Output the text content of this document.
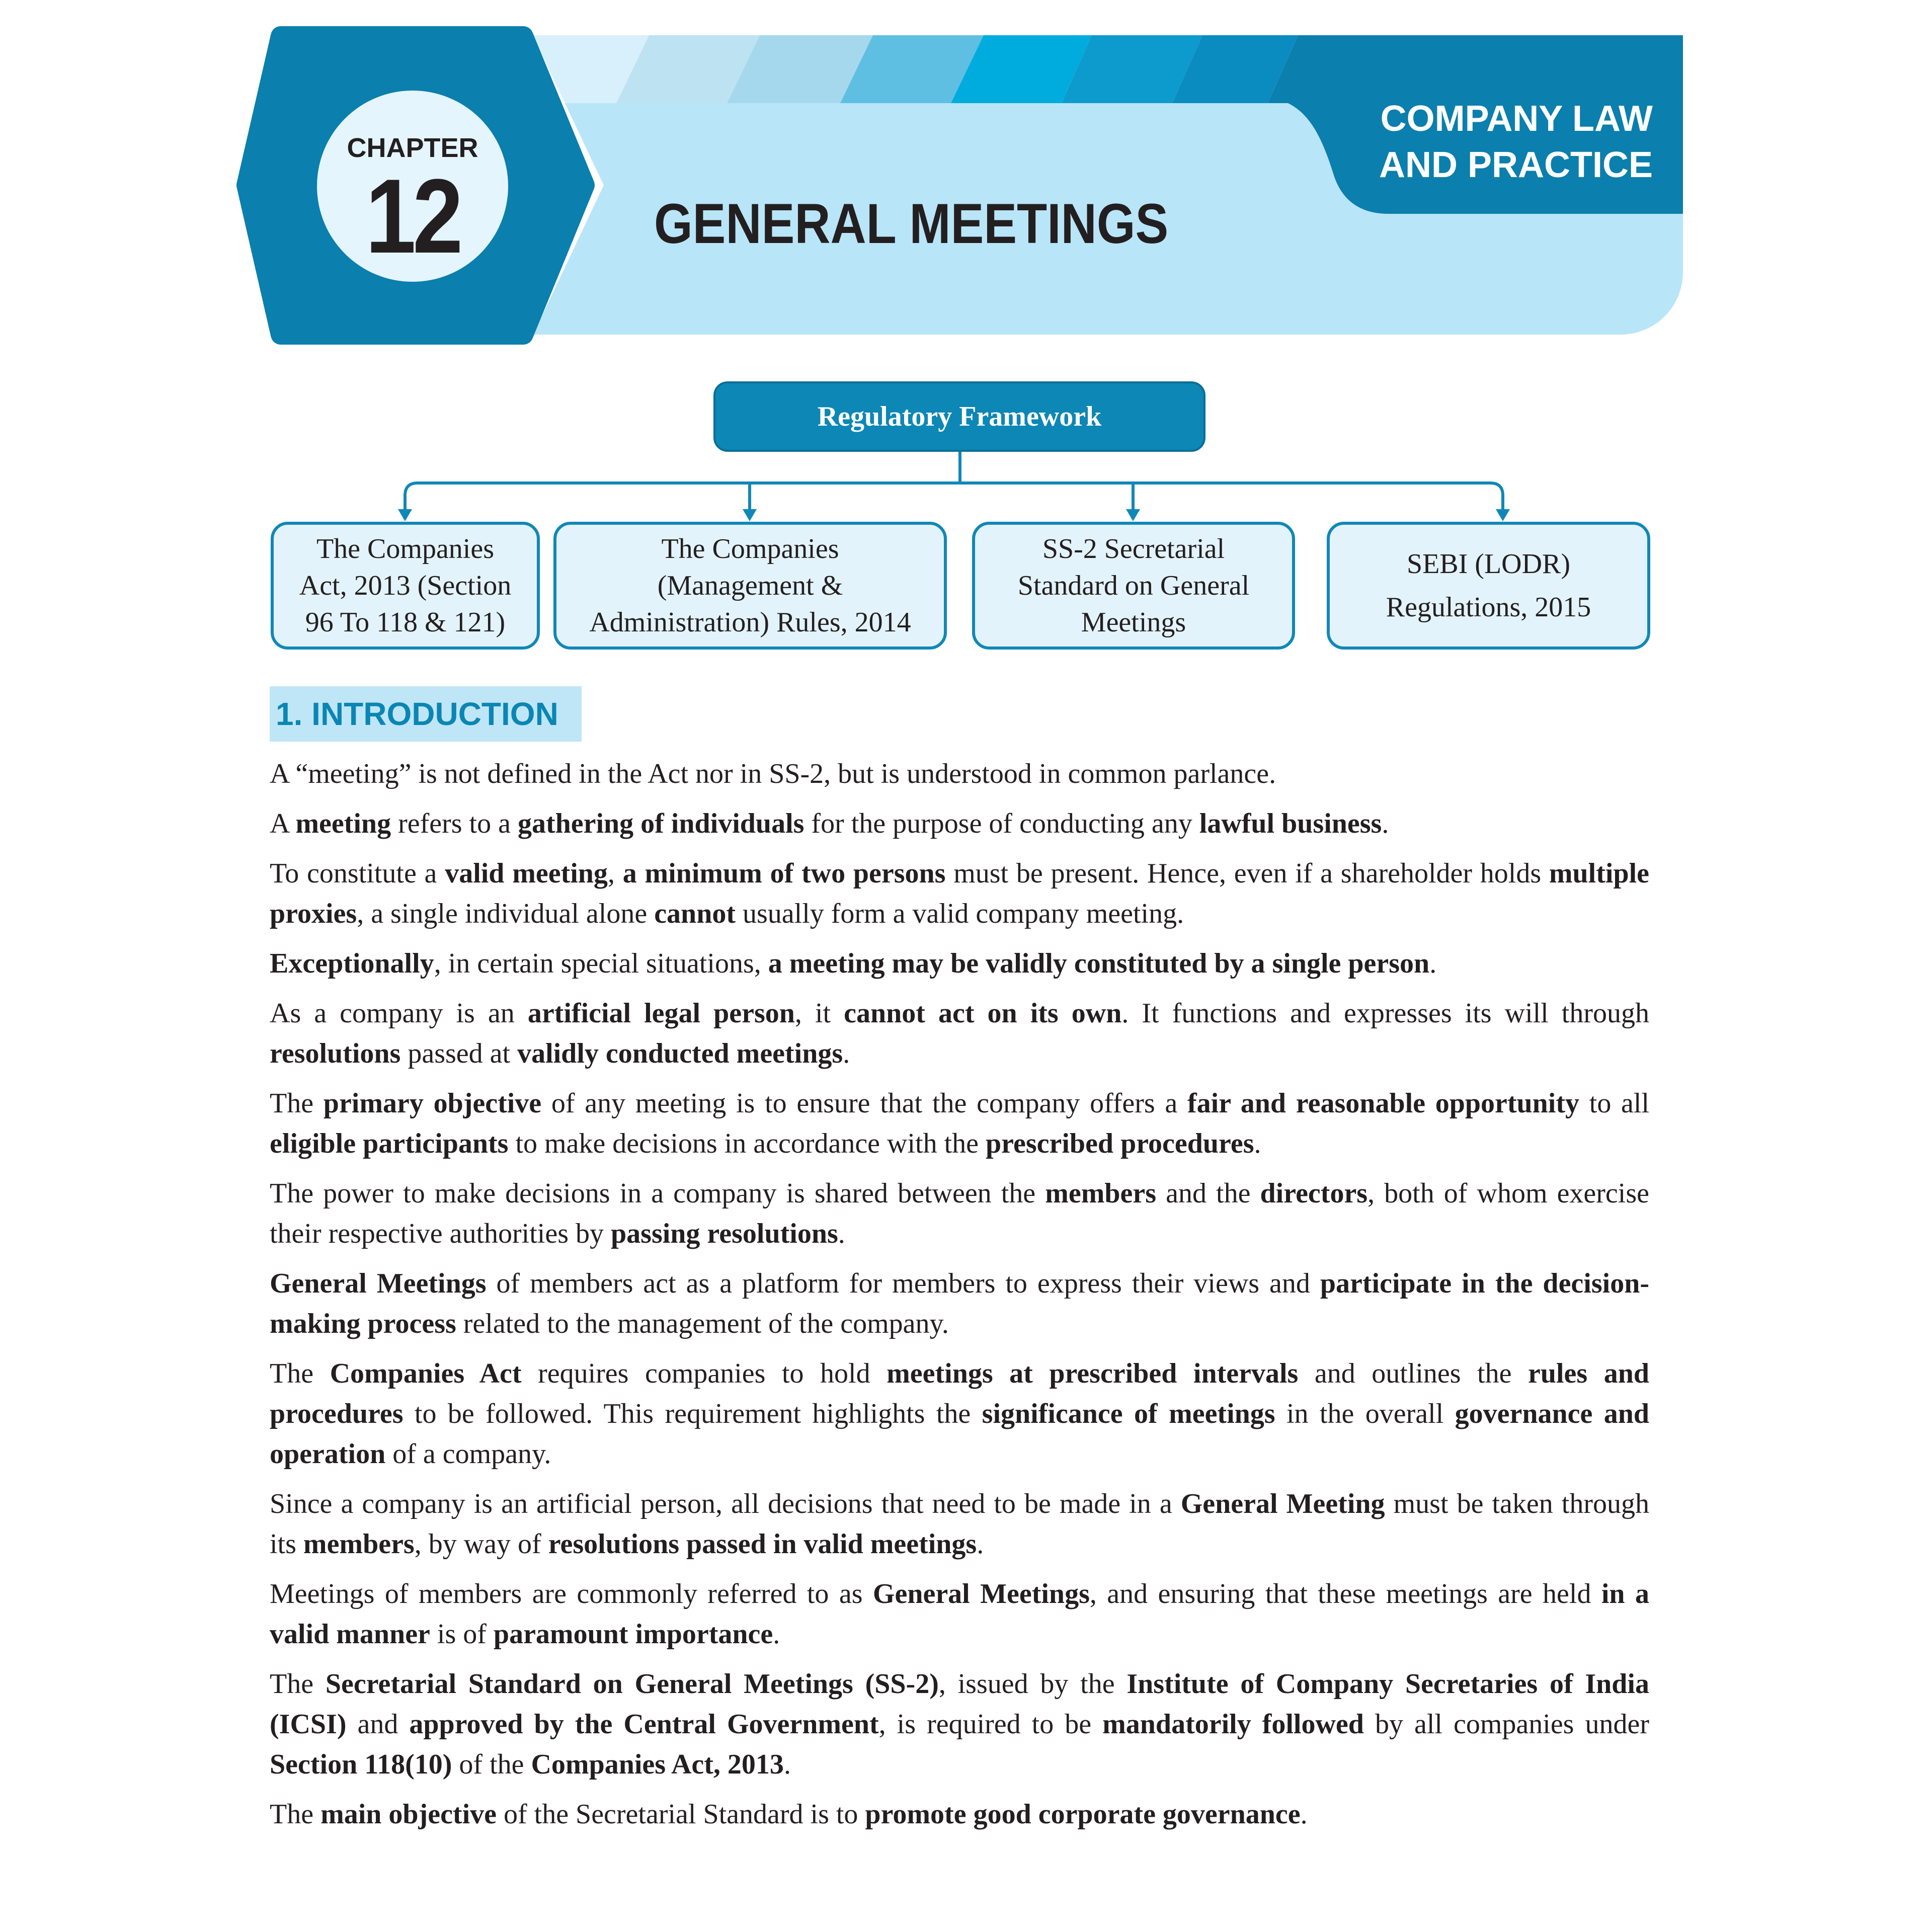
CHAPTER
12	GENERAL MEETINGS
COMPANY LAW
AND PRACTICE
Regulatory Framework
The Companies
Act, 2013 (Section
96 To 118 & 121)
The Companies
(Management &
Administration) Rules, 2014
SS-2 Secretarial
Standard on General
Meetings
SEBI (LODR)
Regulations, 2015
1. INTRODUCTION

A “meeting” is not defined in the Act nor in SS-2, but is understood in common parlance.

A meeting refers to a gathering of individuals for the purpose of conducting any lawful business.

To constitute a valid meeting, a minimum of two persons must be present. Hence, even if a shareholder holds multiple proxies, a single individual alone cannot usually form a valid company meeting.

Exceptionally, in certain special situations, a meeting may be validly constituted by a single person.

As a company is an artificial legal person, it cannot act on its own. It functions and expresses its will through resolutions passed at validly conducted meetings.

The primary objective of any meeting is to ensure that the company offers a fair and reasonable opportunity to all eligible participants to make decisions in accordance with the prescribed procedures.

The power to make decisions in a company is shared between the members and the directors, both of whom exercise their respective authorities by passing resolutions.

General Meetings of members act as a platform for members to express their views and participate in the decision-making process related to the management of the company.

The Companies Act requires companies to hold meetings at prescribed intervals and outlines the rules and procedures to be followed. This requirement highlights the significance of meetings in the overall governance and operation of a company.

Since a company is an artificial person, all decisions that need to be made in a General Meeting must be taken through its members, by way of resolutions passed in valid meetings.

Meetings of members are commonly referred to as General Meetings, and ensuring that these meetings are held in a valid manner is of paramount importance.

The Secretarial Standard on General Meetings (SS-2), issued by the Institute of Company Secretaries of India (ICSI) and approved by the Central Government, is required to be mandatorily followed by all companies under Section 118(10) of the Companies Act, 2013.

The main objective of the Secretarial Standard is to promote good corporate governance.
